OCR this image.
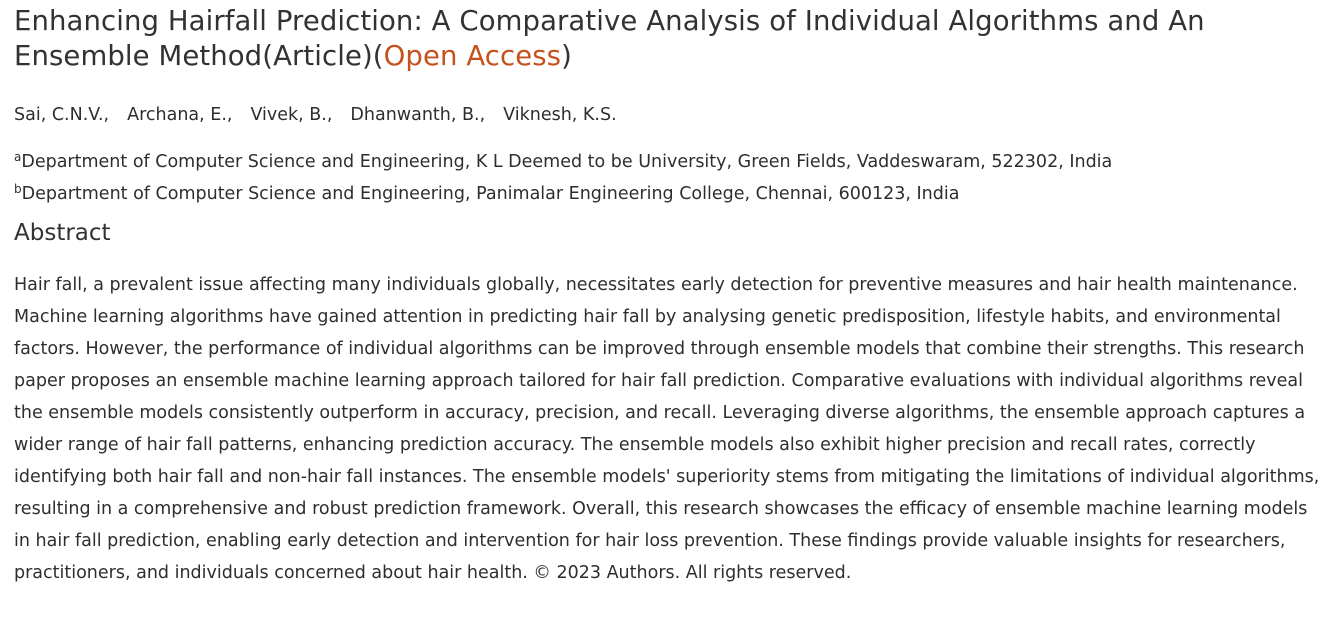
Enhancing Hairfall Prediction: A Comparative Analysis of Individual Algorithms and An Ensemble Method(Article)(Open Access)
Sai, C.N.V., Archana, E., Vivek, B., Dhanwanth, B., Viknesh, K.S.
$^a$Department of Computer Science and Engineering, K L Deemed to be University, Green Fields, Vaddeswaram, 522302, India
$^b$Department of Computer Science and Engineering, Panimalar Engineering College, Chennai, 600123, India
Abstract

Hair fall, a prevalent issue affecting many individuals globally, necessitates early detection for preventive measures and hair health maintenance. Machine learning algorithms have gained attention in predicting hair fall by analysing genetic predisposition, lifestyle habits, and environmental factors. However, the performance of individual algorithms can be improved through ensemble models that combine their strengths. This research paper proposes an ensemble machine learning approach tailored for hair fall prediction. Comparative evaluations with individual algorithms reveal the ensemble models consistently outperform in accuracy, precision, and recall. Leveraging diverse algorithms, the ensemble approach captures a wider range of hair fall patterns, enhancing prediction accuracy. The ensemble models also exhibit higher precision and recall rates, correctly identifying both hair fall and non-hair fall instances. The ensemble models' superiority stems from mitigating the limitations of individual algorithms, resulting in a comprehensive and robust prediction framework. Overall, this research showcases the efficacy of ensemble machine learning models in hair fall prediction, enabling early detection and intervention for hair loss prevention. These findings provide valuable insights for researchers, practitioners, and individuals concerned about hair health. © 2023 Authors. All rights reserved.
